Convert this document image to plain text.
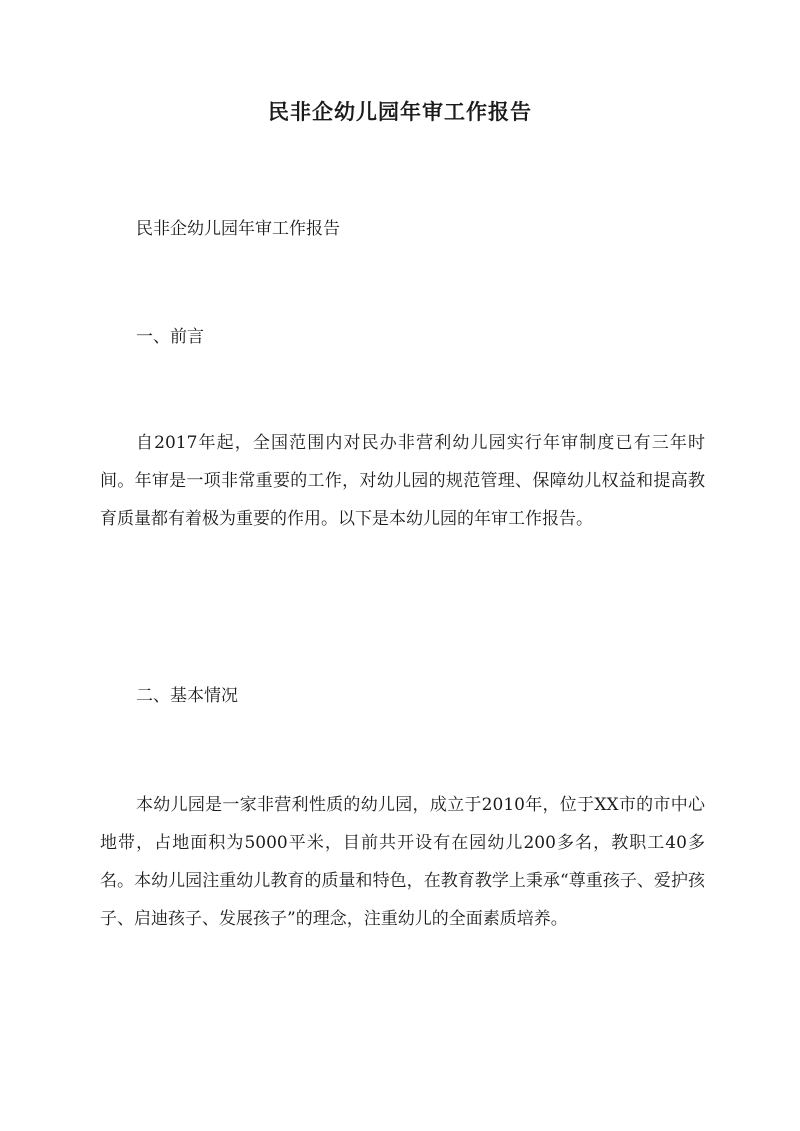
民非企幼儿园年审工作报告
民非企幼儿园年审工作报告
一、前言
自2017年起，全国范围内对民办非营利幼儿园实行年审制度已有三年时间。年审是一项非常重要的工作，对幼儿园的规范管理、保障幼儿权益和提高教育质量都有着极为重要的作用。以下是本幼儿园的年审工作报告。
二、基本情况
本幼儿园是一家非营利性质的幼儿园，成立于2010年，位于XX市的市中心地带，占地面积为5000平米，目前共开设有在园幼儿200多名，教职工40多名。本幼儿园注重幼儿教育的质量和特色，在教育教学上秉承“尊重孩子、爱护孩子、启迪孩子、发展孩子”的理念，注重幼儿的全面素质培养。
